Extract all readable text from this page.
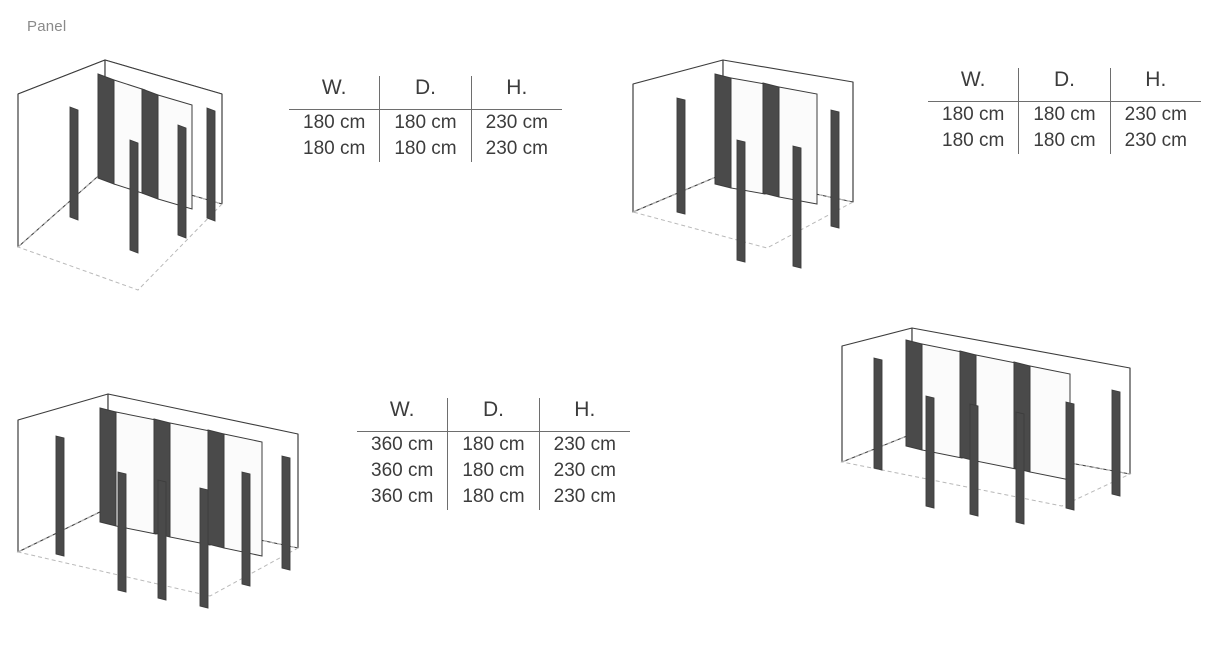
Panel
W.	D.	H.
180 cm	180 cm	230 cm
180 cm	180 cm	230 cm
W.	D.	H.
180 cm	180 cm	230 cm
180 cm	180 cm	230 cm
W.	D.	H.
360 cm	180 cm	230 cm
360 cm	180 cm	230 cm
360 cm	180 cm	230 cm
